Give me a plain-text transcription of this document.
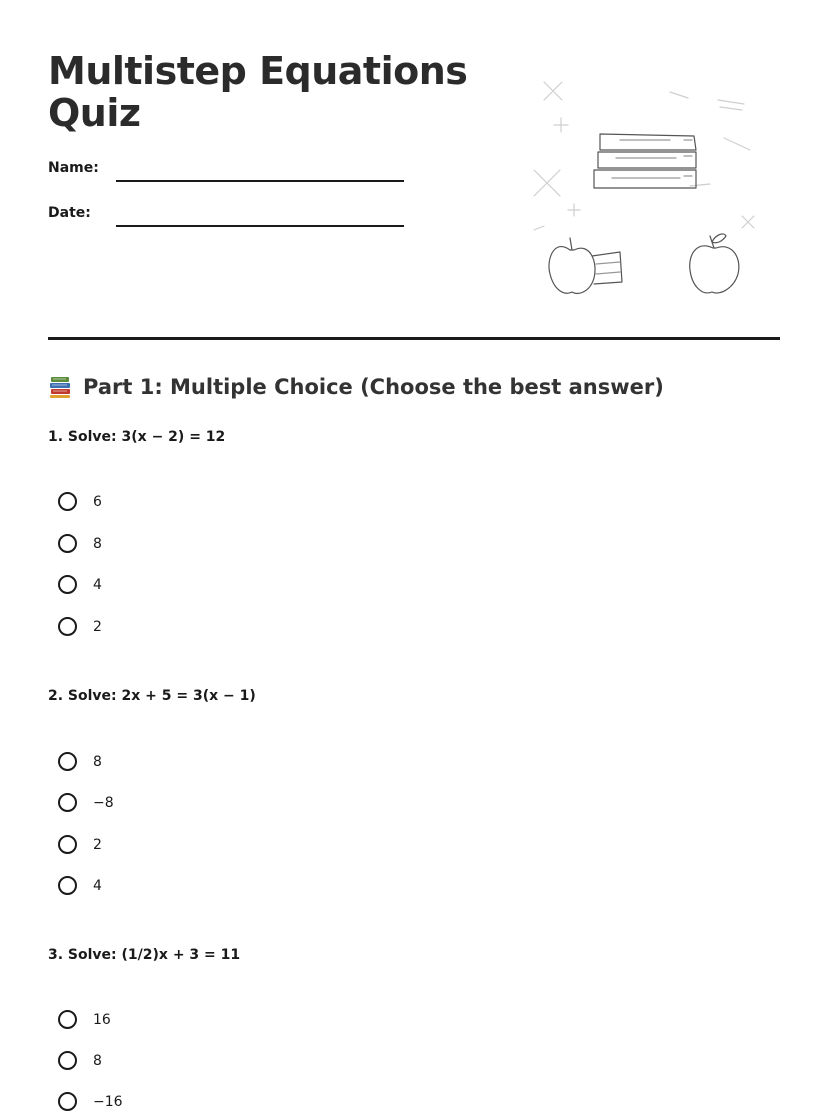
Multistep Equations
Quiz
Name:
Date:
Part 1: Multiple Choice (Choose the best answer)
1. Solve: 3(x − 2) = 12
6
8
4
2
2. Solve: 2x + 5 = 3(x − 1)
8
−8
2
4
3. Solve: (1/2)x + 3 = 11
16
8
−16
